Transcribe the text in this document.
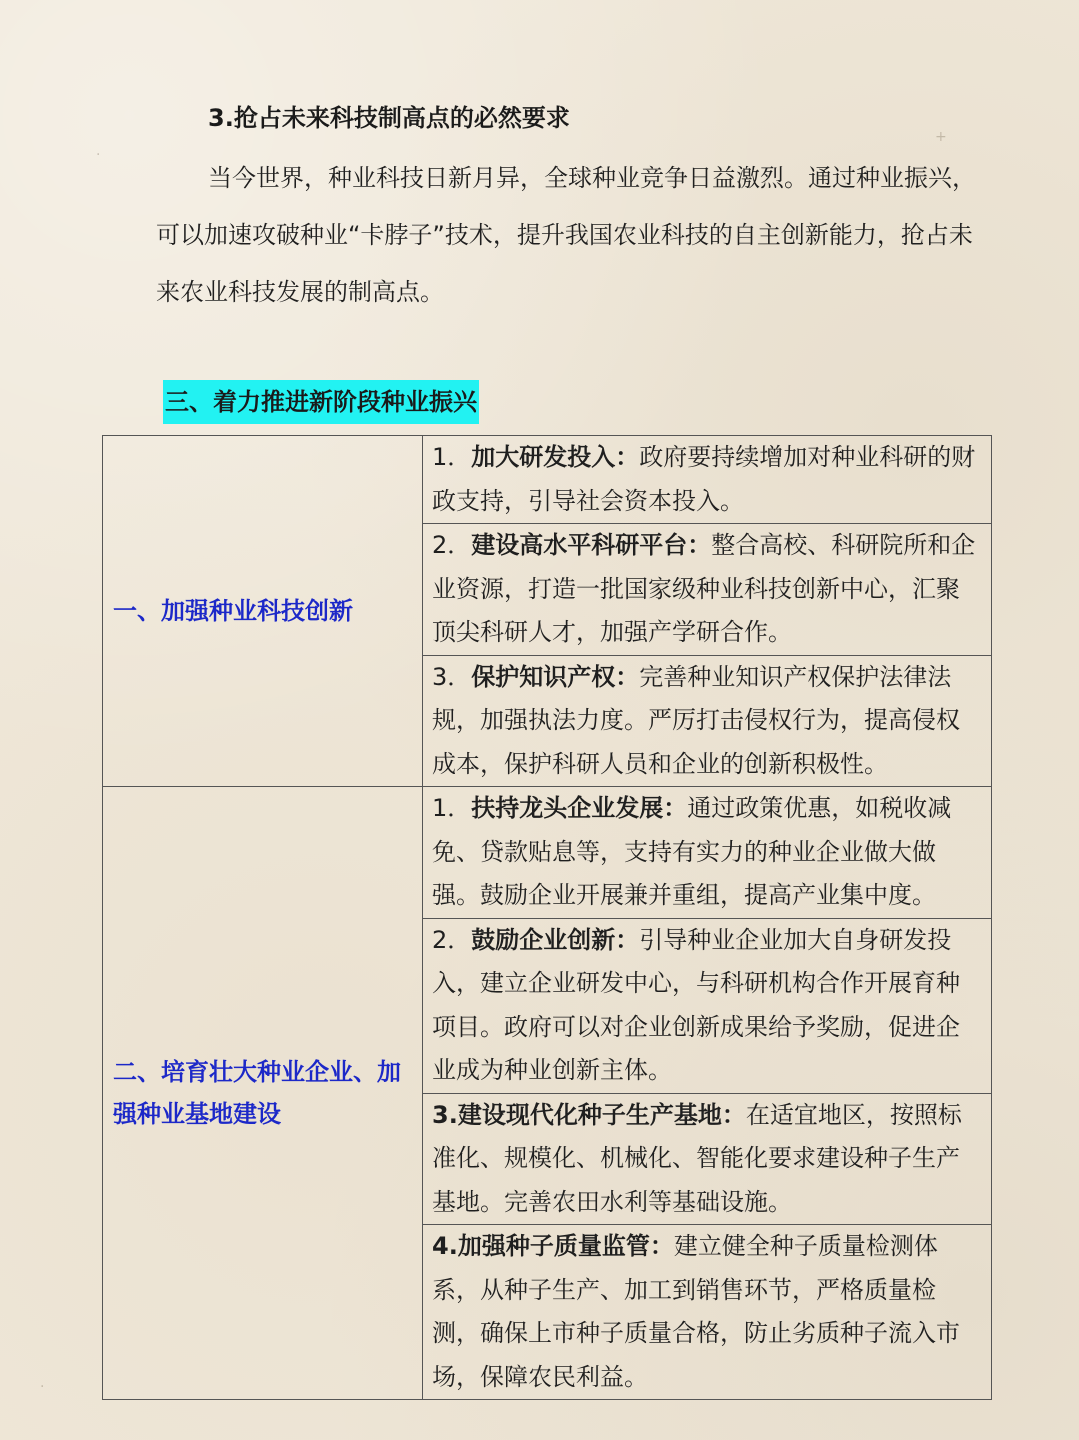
·
+
·
3.抢占未来科技制高点的必然要求

当今世界，种业科技日新月异，全球种业竞争日益激烈。通过种业振兴，可以加速攻破种业“卡脖子”技术，提升我国农业科技的自主创新能力，抢占未来农业科技发展的制高点。

三、着力推进新阶段种业振兴
一、加强种业科技创新	1．加大研发投入：政府要持续增加对种业科研的财政支持，引导社会资本投入。
	2．建设高水平科研平台：整合高校、科研院所和企业资源，打造一批国家级种业科技创新中心，汇聚顶尖科研人才，加强产学研合作。
	3．保护知识产权：完善种业知识产权保护法律法规，加强执法力度。严厉打击侵权行为，提高侵权成本，保护科研人员和企业的创新积极性。
二、培育壮大种业企业、加强种业基地建设	1．扶持龙头企业发展：通过政策优惠，如税收减免、贷款贴息等，支持有实力的种业企业做大做强。鼓励企业开展兼并重组，提高产业集中度。
	2．鼓励企业创新：引导种业企业加大自身研发投入，建立企业研发中心，与科研机构合作开展育种项目。政府可以对企业创新成果给予奖励，促进企业成为种业创新主体。
	3.建设现代化种子生产基地：在适宜地区，按照标准化、规模化、机械化、智能化要求建设种子生产基地。完善农田水利等基础设施。
	4.加强种子质量监管：建立健全种子质量检测体系，从种子生产、加工到销售环节，严格质量检测，确保上市种子质量合格，防止劣质种子流入市场，保障农民利益。
